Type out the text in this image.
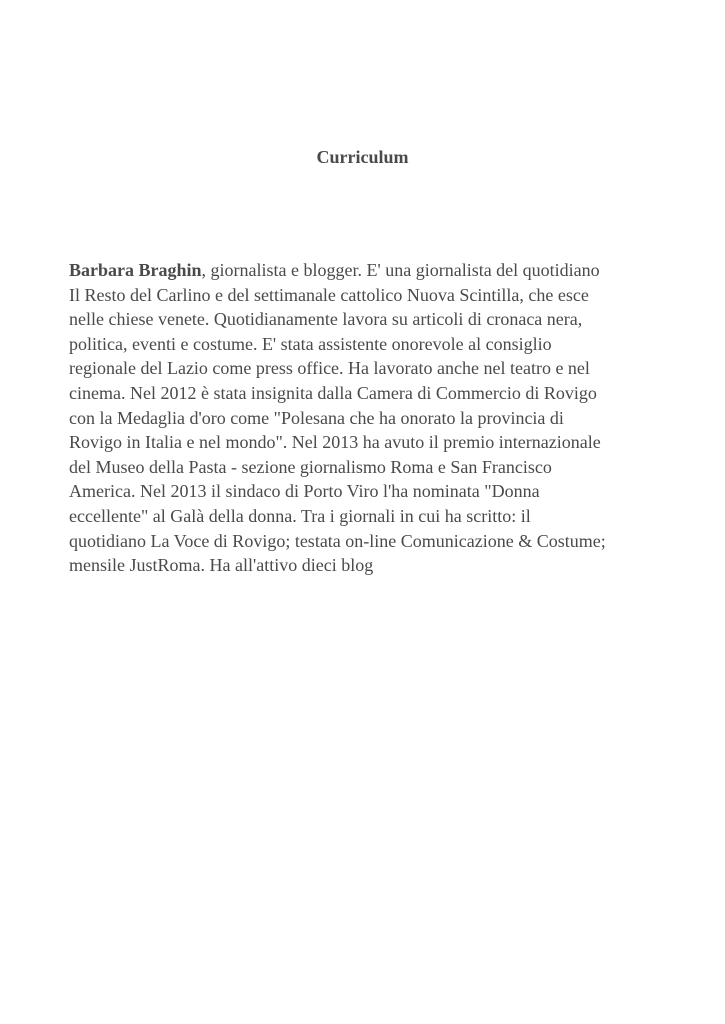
Curriculum

Barbara Braghin, giornalista e blogger. E' una giornalista del quotidiano
Il Resto del Carlino e del settimanale cattolico Nuova Scintilla, che esce
nelle chiese venete. Quotidianamente lavora su articoli di cronaca nera,
politica, eventi e costume. E' stata assistente onorevole al consiglio
regionale del Lazio come press office. Ha lavorato anche nel teatro e nel
cinema. Nel 2012 è stata insignita dalla Camera di Commercio di Rovigo
con la Medaglia d'oro come "Polesana che ha onorato la provincia di
Rovigo in Italia e nel mondo". Nel 2013 ha avuto il premio internazionale
del Museo della Pasta - sezione giornalismo Roma e San Francisco
America. Nel 2013 il sindaco di Porto Viro l'ha nominata "Donna
eccellente" al Galà della donna. Tra i giornali in cui ha scritto: il
quotidiano La Voce di Rovigo; testata on-line Comunicazione & Costume;
mensile JustRoma. Ha all'attivo dieci blog
